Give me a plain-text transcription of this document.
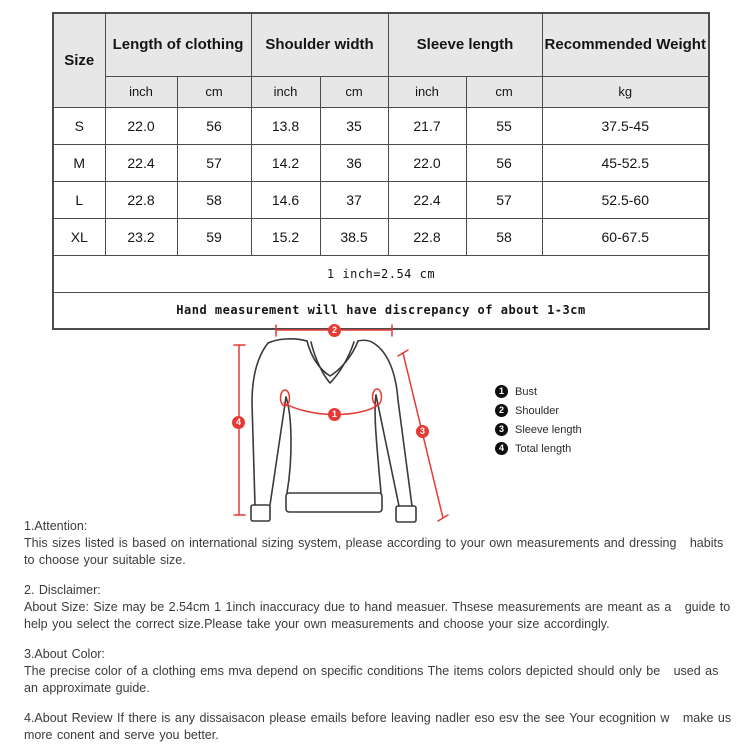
Size	Length of clothing		Shoulder width		Sleeve length		Recommended Weight
	inch	cm	inch	cm	inch	cm	kg
S	22.0	56	13.8	35	21.7	55	37.5-45
M	22.4	57	14.2	36	22.0	56	45-52.5
L	22.8	58	14.6	37	22.4	57	52.5-60
XL	23.2	59	15.2	38.5	22.8	58	60-67.5
1 inch=2.54 cm							
Hand measurement will have discrepancy of about 1-3cm							
1
2
3
4
1	Bust
2	Shoulder
3	Sleeve length
4	Total length
1.Attention:
This sizes listed is based on international sizing system, please according to your own measurements and dressing   habits to choose your suitable size.
2. Disclaimer:
About Size: Size may be 2.54cm 1 1inch inaccuracy due to hand measuer. Thsese measurements are meant as a   guide to help you select the correct size.Please take your own measurements and choose your size accordingly.
3.About Color:
The precise color of a clothing ems mva depend on specific conditions The items colors depicted should only be   used as an approximate guide.
4.About Review If there is any dissaisacon please emails before leaving nadler eso esv the see Your ecognition w   make us more conent and serve you better.
